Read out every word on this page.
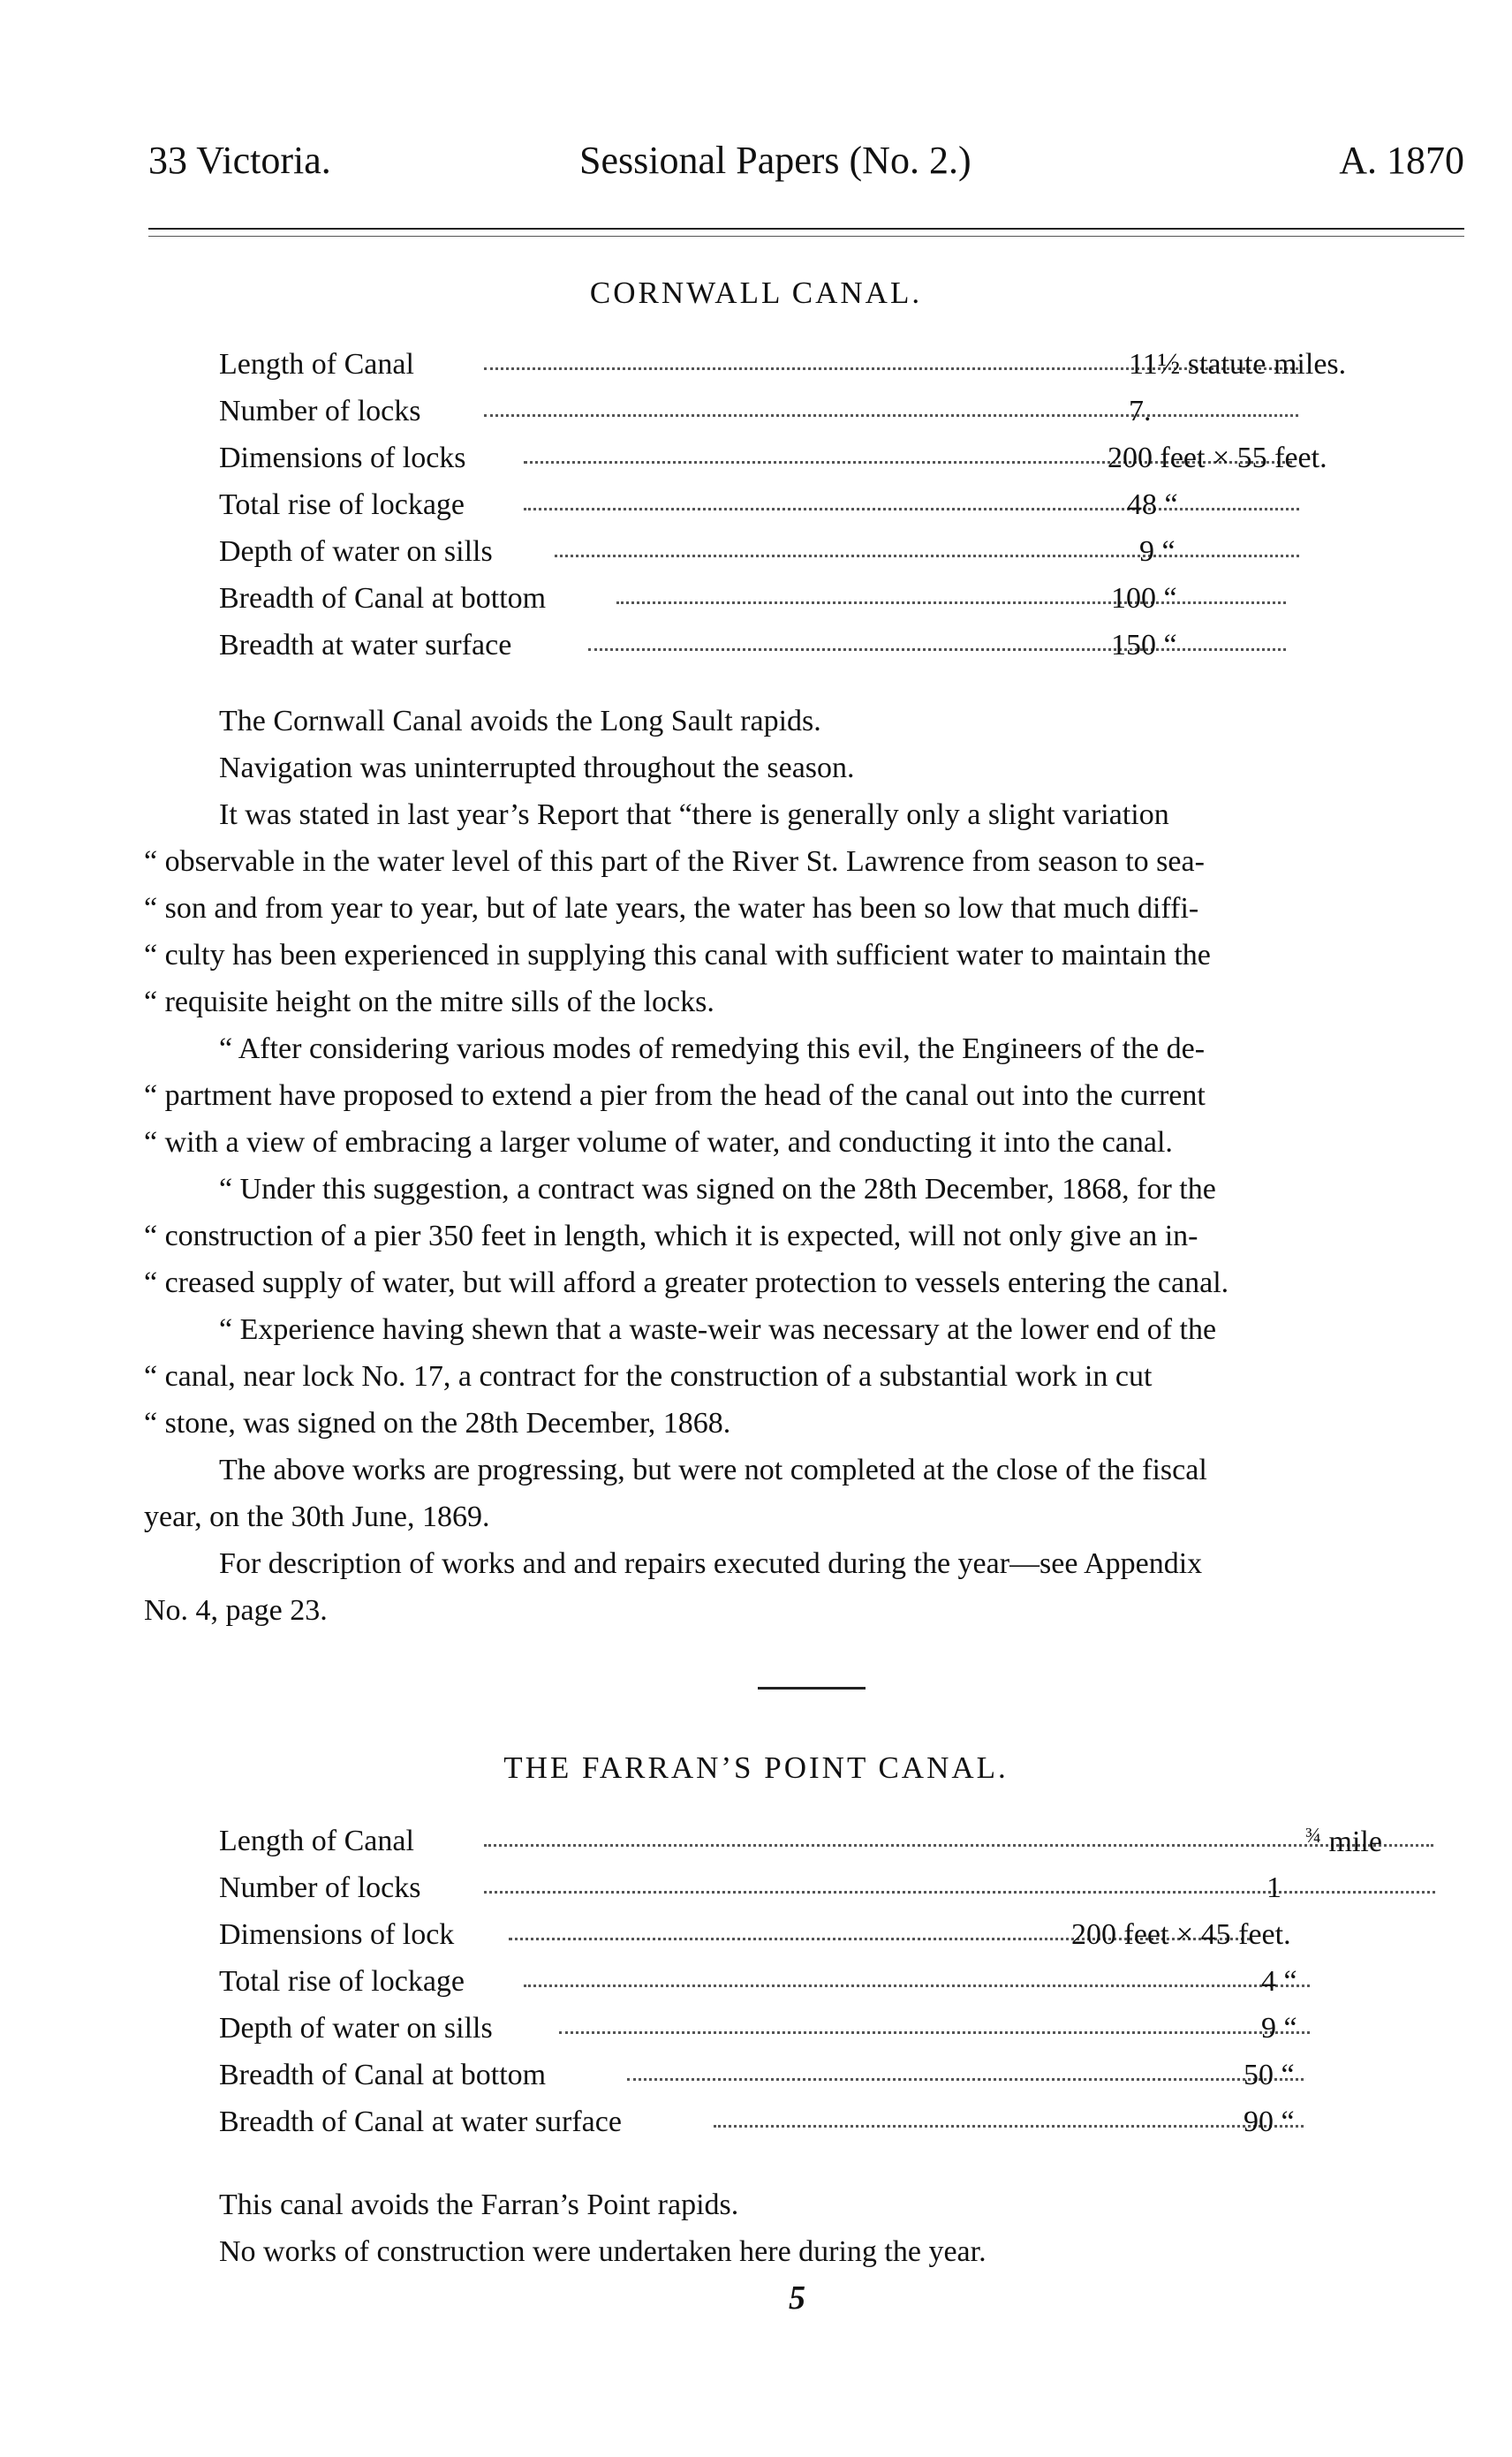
33 Victoria.	Sessional Papers (No. 2.)	A. 1870
CORNWALL CANAL.
Length of Canal	11½ statute miles.
Number of locks	7.
Dimensions of locks	200 feet × 55 feet.
Total rise of lockage	48 “
Depth of water on sills	9 “
Breadth of Canal at bottom	100 “
Breadth at water surface	150 “
The Cornwall Canal avoids the Long Sault rapids.
Navigation was uninterrupted throughout the season.
It was stated in last year’s Report that “there is generally only a slight variation
“ observable in the water level of this part of the River St. Lawrence from season to sea-
“ son and from year to year, but of late years, the water has been so low that much diffi-
“ culty has been experienced in supplying this canal with sufficient water to maintain the
“ requisite height on the mitre sills of the locks.
“ After considering various modes of remedying this evil, the Engineers of the de-
“ partment have proposed to extend a pier from the head of the canal out into the current
“ with a view of embracing a larger volume of water, and conducting it into the canal.
“ Under this suggestion, a contract was signed on the 28th December, 1868, for the
“ construction of a pier 350 feet in length, which it is expected, will not only give an in-
“ creased supply of water, but will afford a greater protection to vessels entering the canal.
“ Experience having shewn that a waste-weir was necessary at the lower end of the
“ canal, near lock No. 17, a contract for the construction of a substantial work in cut
“ stone, was signed on the 28th December, 1868.
The above works are progressing, but were not completed at the close of the fiscal
year, on the 30th June, 1869.
For description of works and and repairs executed during the year—see Appendix
No. 4, page 23.
THE FARRAN’S POINT CANAL.
Length of Canal	$^{\frac{3}{4}}$ mile
Number of locks	1
Dimensions of lock	200 feet × 45 feet.
Total rise of lockage	4 “
Depth of water on sills	9 “
Breadth of Canal at bottom	50 “
Breadth of Canal at water surface	90 “
This canal avoids the Farran’s Point rapids.
No works of construction were undertaken here during the year.
5
